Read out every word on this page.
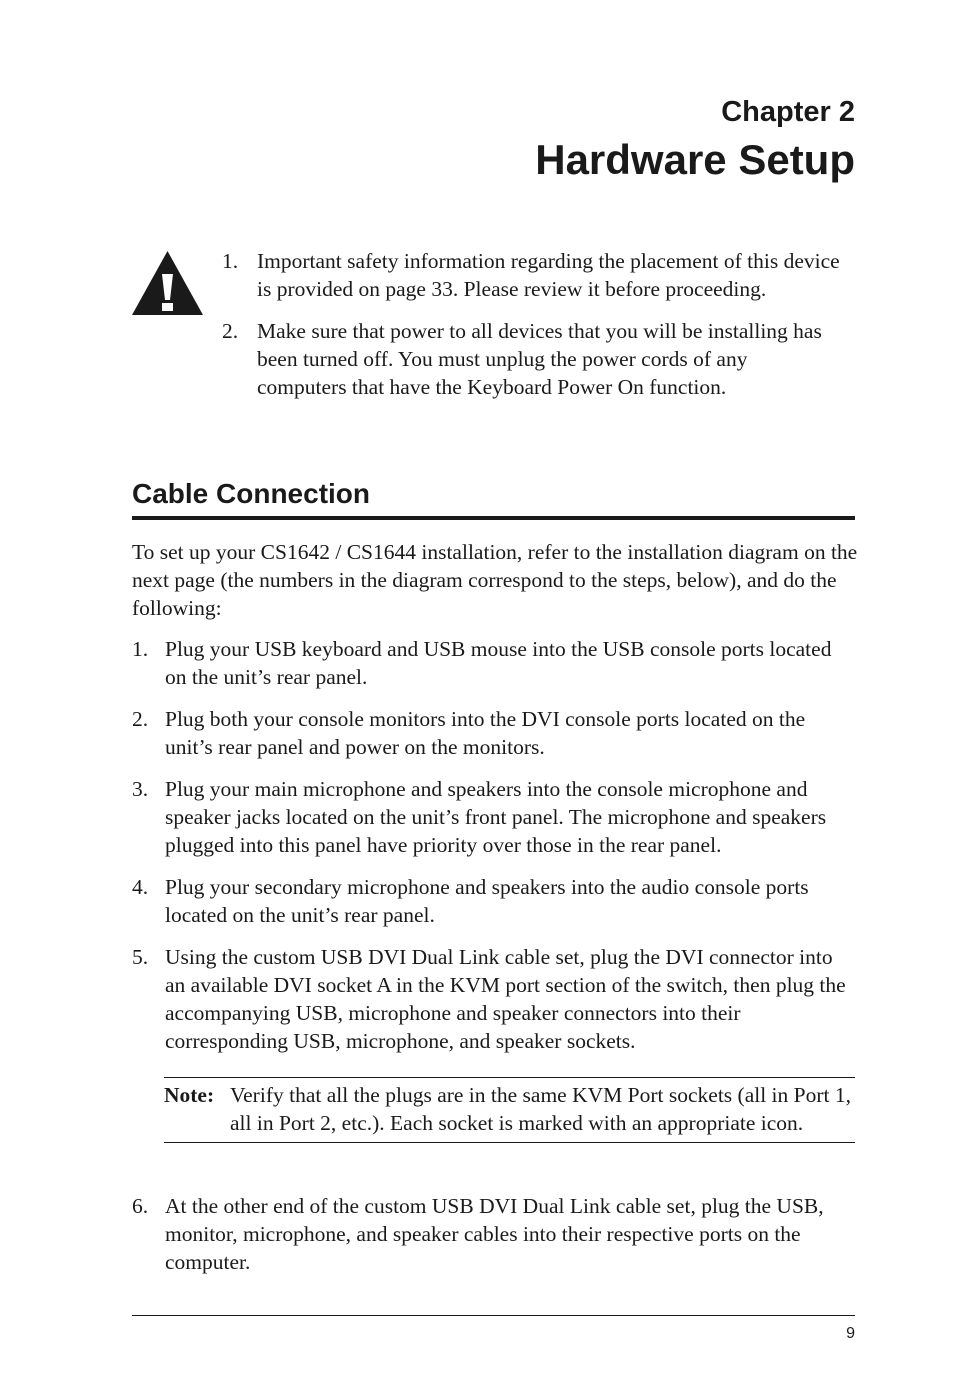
Chapter 2
Hardware Setup
1. Important safety information regarding the placement of this device is provided on page 33. Please review it before proceeding.
2. Make sure that power to all devices that you will be installing has been turned off. You must unplug the power cords of any computers that have the Keyboard Power On function.
Cable Connection
To set up your CS1642 / CS1644 installation, refer to the installation diagram on the next page (the numbers in the diagram correspond to the steps, below), and do the following:
1. Plug your USB keyboard and USB mouse into the USB console ports located on the unit’s rear panel.
2. Plug both your console monitors into the DVI console ports located on the unit’s rear panel and power on the monitors.
3. Plug your main microphone and speakers into the console microphone and speaker jacks located on the unit’s front panel. The microphone and speakers plugged into this panel have priority over those in the rear panel.
4. Plug your secondary microphone and speakers into the audio console ports located on the unit’s rear panel.
5. Using the custom USB DVI Dual Link cable set, plug the DVI connector into an available DVI socket A in the KVM port section of the switch, then plug the accompanying USB, microphone and speaker connectors into their corresponding USB, microphone, and speaker sockets.
Note: Verify that all the plugs are in the same KVM Port sockets (all in Port 1, all in Port 2, etc.). Each socket is marked with an appropriate icon.
6. At the other end of the custom USB DVI Dual Link cable set, plug the USB, monitor, microphone, and speaker cables into their respective ports on the computer.
9
